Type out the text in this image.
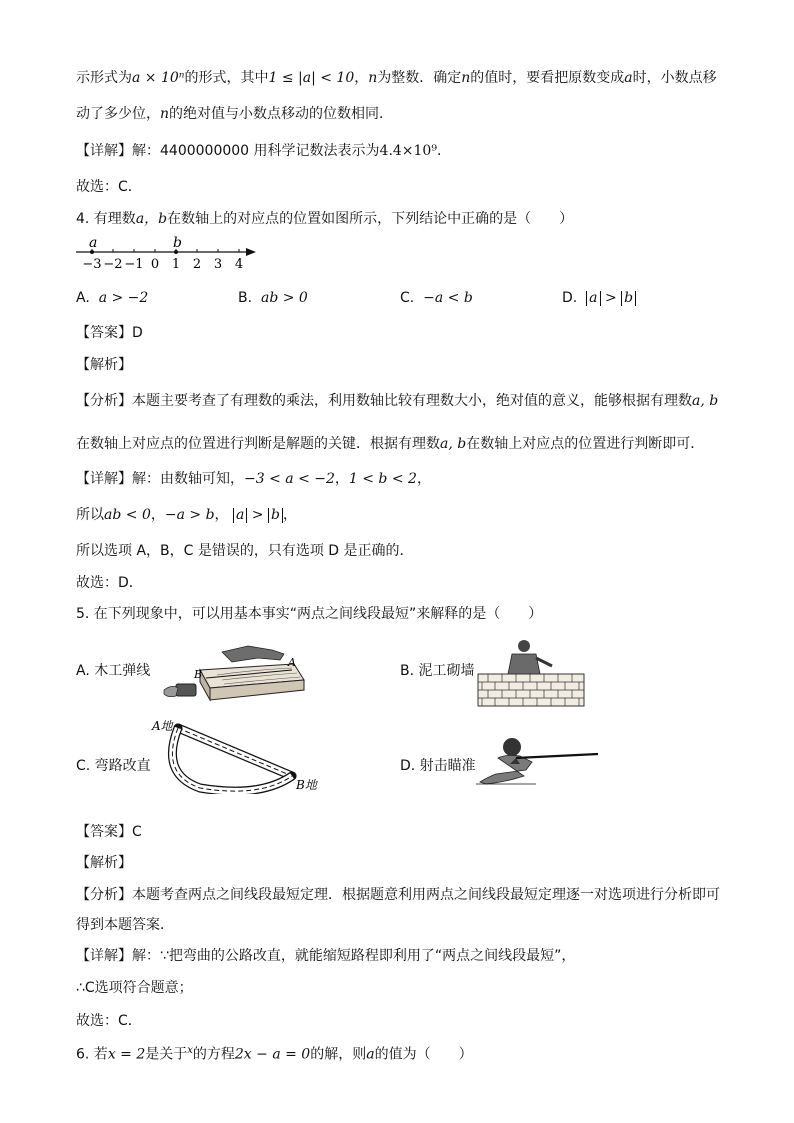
示形式为a × 10ⁿ的形式，其中1 ≤ |a| < 10，n为整数．确定n的值时，要看把原数变成a时，小数点移
动了多少位，n的绝对值与小数点移动的位数相同．
【详解】解：4400000000 用科学记数法表示为4.4×10⁹．
故选：C．
4. 有理数a，b在数轴上的对应点的位置如图所示，下列结论中正确的是（　　）
−3 −2 −1 0 1 2 3 4
a	b
A. a > −2	B. ab > 0	C. −a < b	D. a > b
【答案】D
【解析】
【分析】本题主要考查了有理数的乘法，利用数轴比较有理数大小，绝对值的意义，能够根据有理数a, b
在数轴上对应点的位置进行判断是解题的关键．根据有理数a, b在数轴上对应点的位置进行判断即可．
【详解】解：由数轴可知，−3 < a < −2，1 < b < 2，
所以ab < 0，−a > b， a > b ，
所以选项 A，B，C 是错误的，只有选项 D 是正确的．
故选：D．
5. 在下列现象中，可以用基本事实“两点之间线段最短”来解释的是（　　）
A. 木工弹线
A
B	B. 泥工砌墙
A地
B地
C. 弯路改直	D. 射击瞄准
【答案】C
【解析】
【分析】本题考查两点之间线段最短定理．根据题意利用两点之间线段最短定理逐一对选项进行分析即可
得到本题答案．
【详解】解：∵把弯曲的公路改直，就能缩短路程即利用了“两点之间线段最短”，
∴C选项符合题意；
故选：C．
6. 若x = 2是关于$^x$的方程2x − a = 0的解，则a的值为（　　）
